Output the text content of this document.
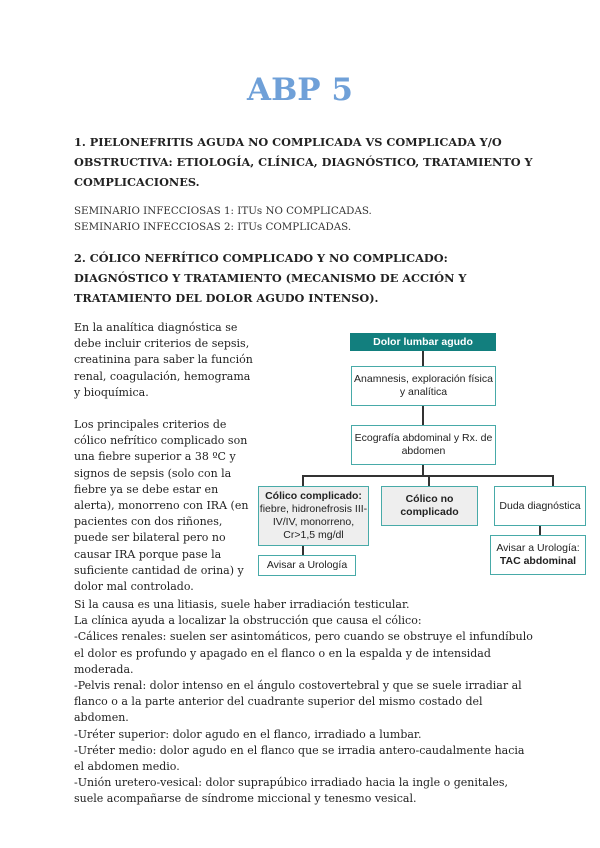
ABP 5
1. PIELONEFRITIS AGUDA NO COMPLICADA VS COMPLICADA Y/O OBSTRUCTIVA: ETIOLOGÍA, CLÍNICA, DIAGNÓSTICO, TRATAMIENTO Y COMPLICACIONES.
SEMINARIO INFECCIOSAS 1: ITUs NO COMPLICADAS.
SEMINARIO INFECCIOSAS 2: ITUs COMPLICADAS.
2. CÓLICO NEFRÍTICO COMPLICADO Y NO COMPLICADO: DIAGNÓSTICO Y TRATAMIENTO (MECANISMO DE ACCIÓN Y TRATAMIENTO DEL DOLOR AGUDO INTENSO).

En la analítica diagnóstica se debe incluir criterios de sepsis, creatinina para saber la función renal, coagulación, hemograma y bioquímica.

Los principales criterios de cólico nefrítico complicado son una fiebre superior a 38 ºC y signos de sepsis (solo con la fiebre ya se debe estar en alerta), monorreno con IRA (en pacientes con dos riñones, puede ser bilateral pero no causar IRA porque pase la suficiente cantidad de orina) y dolor mal controlado.

Dolor lumbar agudo
Anamnesis, exploración física y analítica
Ecografía abdominal y Rx. de abdomen
Cólico complicado:
fiebre, hidronefrosis III-IV/IV, monorreno, Cr>1,5 mg/dl
Cólico no complicado
Duda diagnóstica
Avisar a Urología
Avisar a Urología:
TAC abdominal
Si la causa es una litiasis, suele haber irradiación testicular.
La clínica ayuda a localizar la obstrucción que causa el cólico:
-Cálices renales: suelen ser asintomáticos, pero cuando se obstruye el infundíbulo el dolor es profundo y apagado en el flanco o en la espalda y de intensidad moderada.
-Pelvis renal: dolor intenso en el ángulo costovertebral y que se suele irradiar al flanco o a la parte anterior del cuadrante superior del mismo costado del abdomen.
-Uréter superior: dolor agudo en el flanco, irradiado a lumbar.
-Uréter medio: dolor agudo en el flanco que se irradia antero-caudalmente hacia el abdomen medio.
-Unión uretero-vesical: dolor suprapúbico irradiado hacia la ingle o genitales, suele acompañarse de síndrome miccional y tenesmo vesical.
